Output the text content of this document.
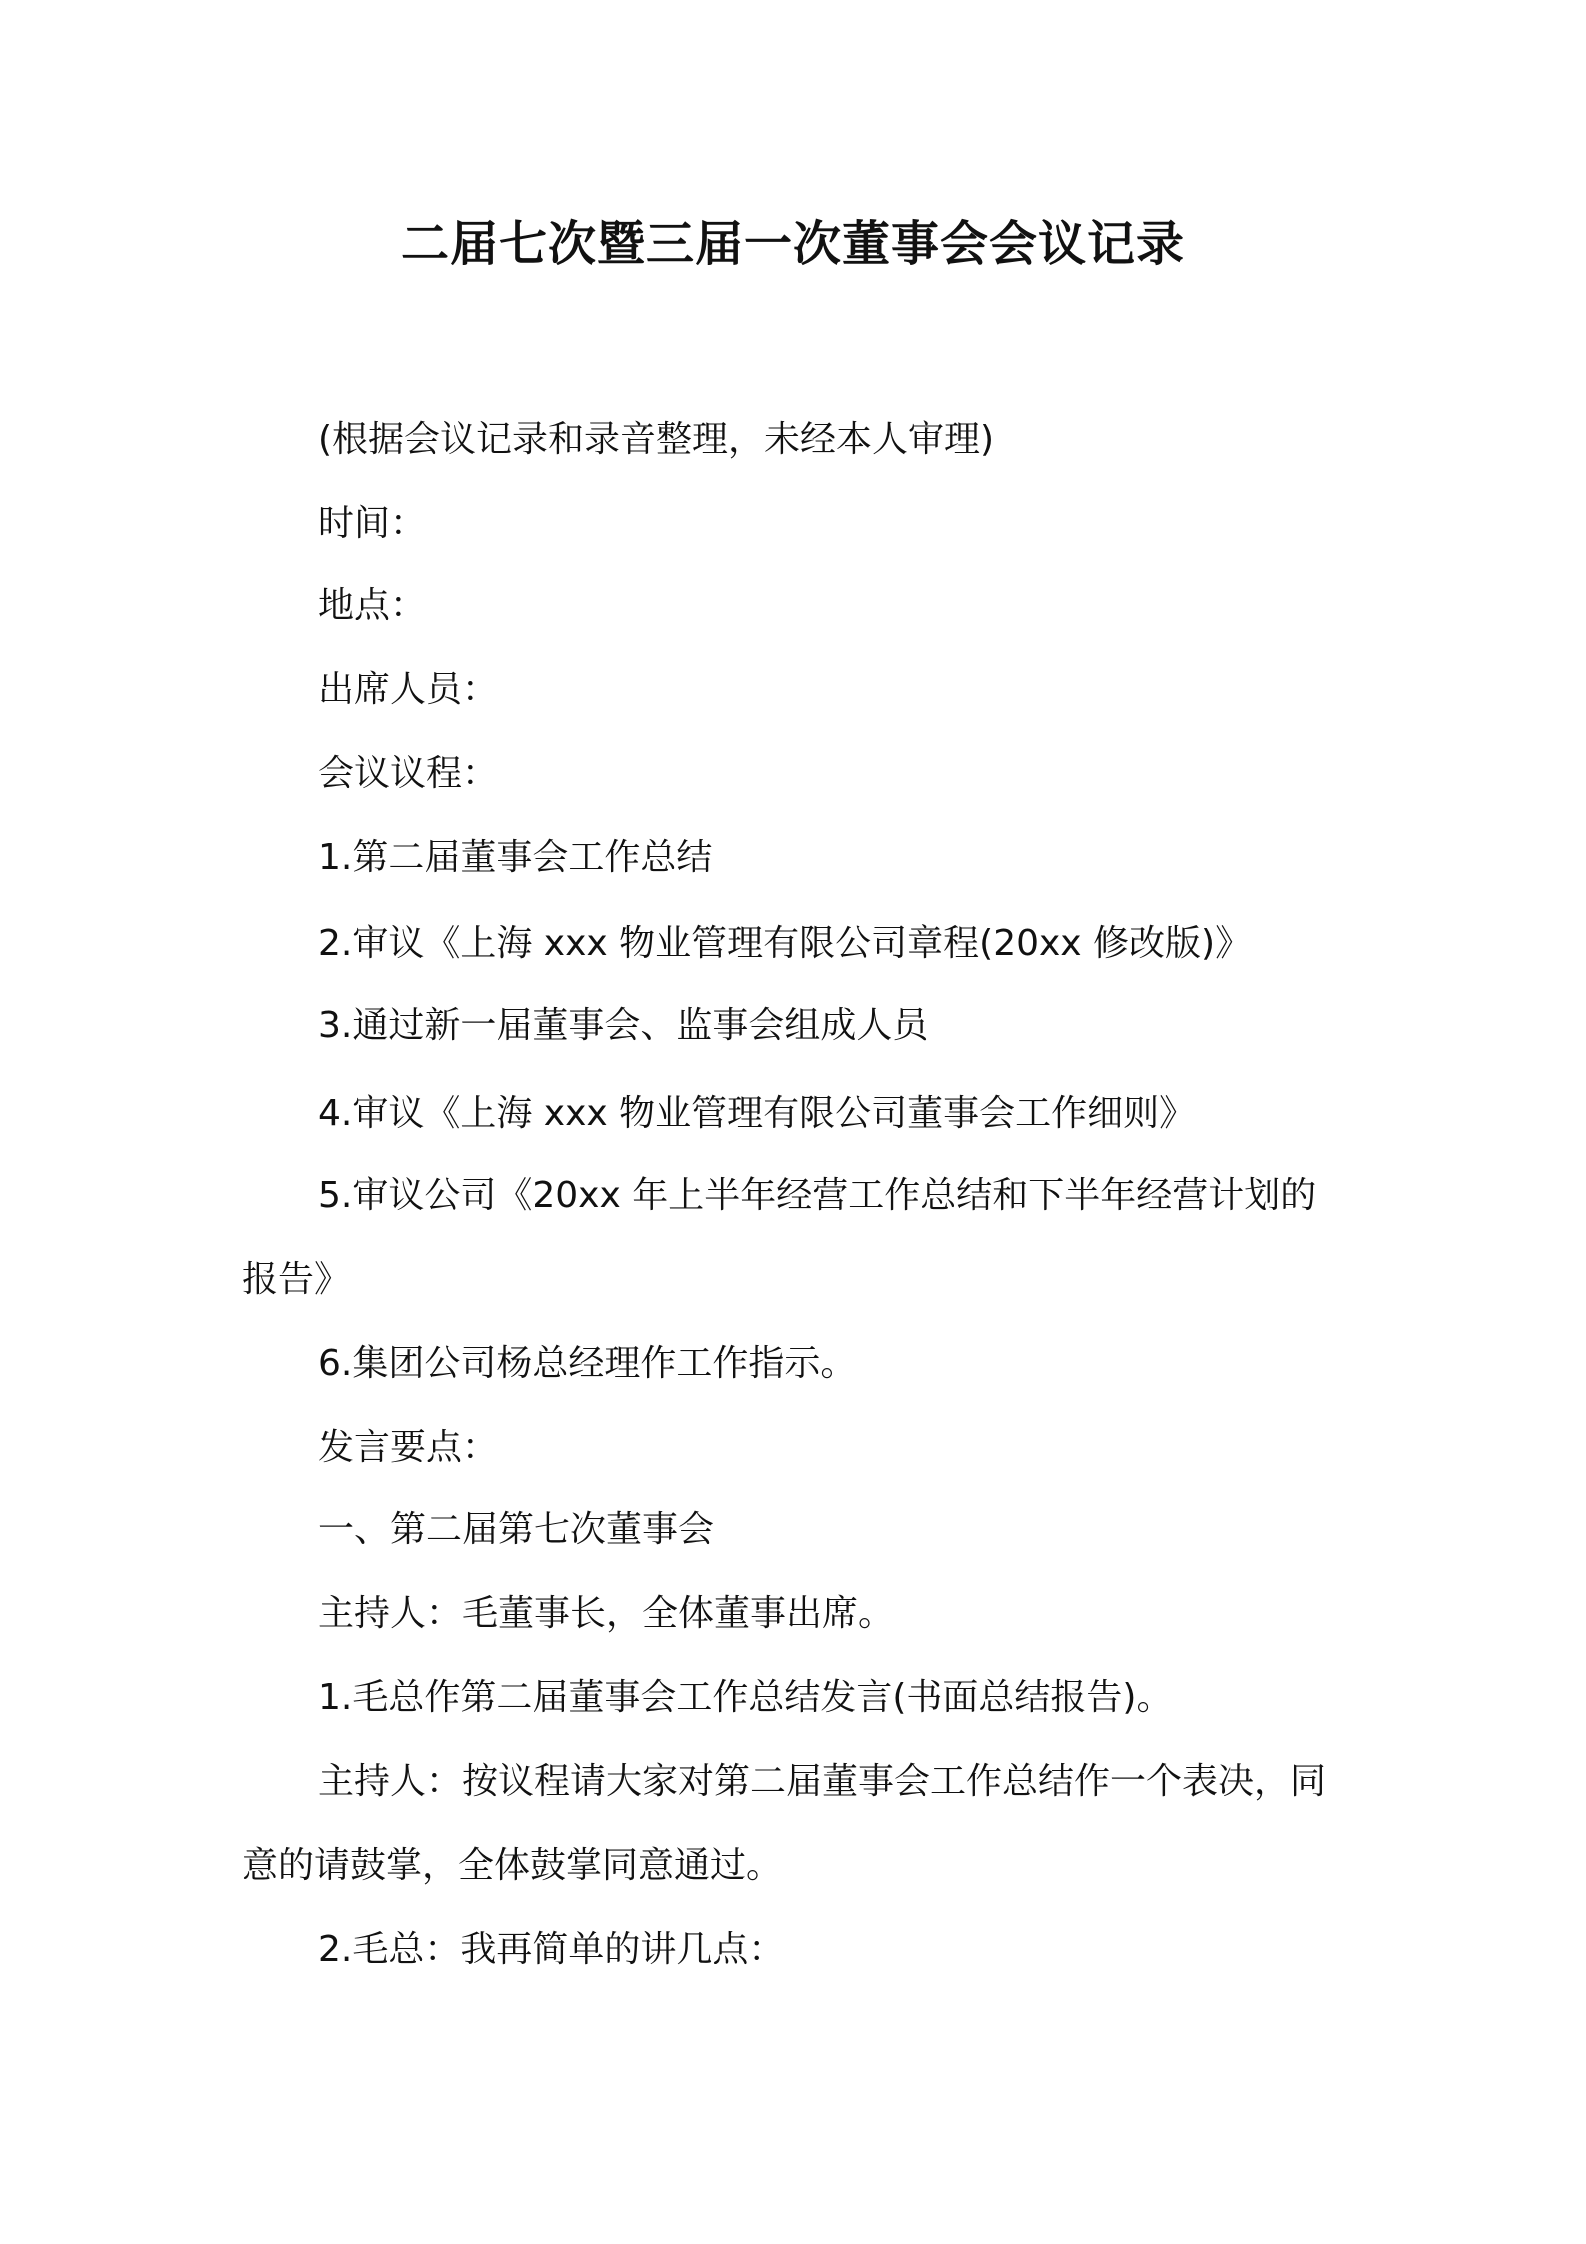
二届七次暨三届一次董事会会议记录
(根据会议记录和录音整理，未经本人审理)
时间：
地点：
出席人员：
会议议程：
1.第二届董事会工作总结
2.审议《上海 xxx 物业管理有限公司章程(20xx 修改版)》
3.通过新一届董事会、监事会组成人员
4.审议《上海 xxx 物业管理有限公司董事会工作细则》
5.审议公司《20xx 年上半年经营工作总结和下半年经营计划的
报告》
6.集团公司杨总经理作工作指示。
发言要点：
一、第二届第七次董事会
主持人：毛董事长，全体董事出席。
1.毛总作第二届董事会工作总结发言(书面总结报告)。
主持人：按议程请大家对第二届董事会工作总结作一个表决，同
意的请鼓掌，全体鼓掌同意通过。
2.毛总：我再简单的讲几点：
